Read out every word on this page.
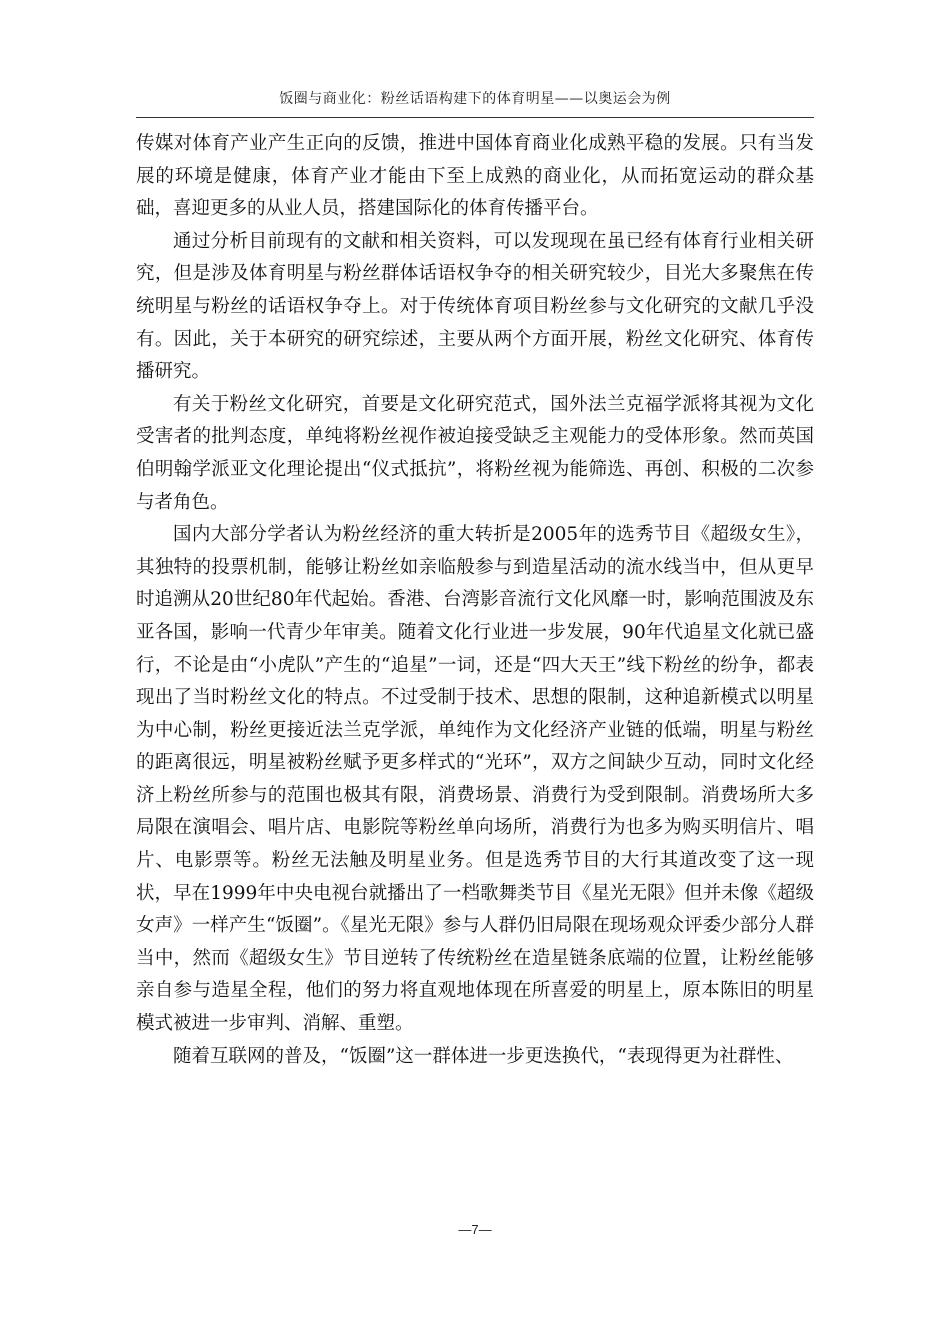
饭圈与商业化：粉丝话语构建下的体育明星——以奥运会为例

传媒对体育产业产生正向的反馈，推进中国体育商业化成熟平稳的发展。只有当发展的环境是健康，体育产业才能由下至上成熟的商业化，从而拓宽运动的群众基础，喜迎更多的从业人员，搭建国际化的体育传播平台。

通过分析目前现有的文献和相关资料，可以发现现在虽已经有体育行业相关研究，但是涉及体育明星与粉丝群体话语权争夺的相关研究较少，目光大多聚焦在传统明星与粉丝的话语权争夺上。对于传统体育项目粉丝参与文化研究的文献几乎没有。因此，关于本研究的研究综述，主要从两个方面开展，粉丝文化研究、体育传播研究。

有关于粉丝文化研究，首要是文化研究范式，国外法兰克福学派将其视为文化受害者的批判态度，单纯将粉丝视作被迫接受缺乏主观能力的受体形象。然而英国伯明翰学派亚文化理论提出“仪式抵抗”，将粉丝视为能筛选、再创、积极的二次参与者角色。

国内大部分学者认为粉丝经济的重大转折是2005年的选秀节目《超级女生》，其独特的投票机制，能够让粉丝如亲临般参与到造星活动的流水线当中，但从更早时追溯从20世纪80年代起始。香港、台湾影音流行文化风靡一时，影响范围波及东亚各国，影响一代青少年审美。随着文化行业进一步发展，90年代追星文化就已盛行，不论是由“小虎队”产生的“追星”一词，还是“四大天王”线下粉丝的纷争，都表现出了当时粉丝文化的特点。不过受制于技术、思想的限制，这种追新模式以明星为中心制，粉丝更接近法兰克学派，单纯作为文化经济产业链的低端，明星与粉丝的距离很远，明星被粉丝赋予更多样式的“光环”，双方之间缺少互动，同时文化经济上粉丝所参与的范围也极其有限，消费场景、消费行为受到限制。消费场所大多局限在演唱会、唱片店、电影院等粉丝单向场所，消费行为也多为购买明信片、唱片、电影票等。粉丝无法触及明星业务。但是选秀节目的大行其道改变了这一现状，早在1999年中央电视台就播出了一档歌舞类节目《星光无限》但并未像《超级女声》一样产生“饭圈”。《星光无限》参与人群仍旧局限在现场观众评委少部分人群当中，然而《超级女生》节目逆转了传统粉丝在造星链条底端的位置，让粉丝能够亲自参与造星全程，他们的努力将直观地体现在所喜爱的明星上，原本陈旧的明星模式被进一步审判、消解、重塑。

随着互联网的普及，“饭圈”这一群体进一步更迭换代，“表现得更为社群性、

—7—
